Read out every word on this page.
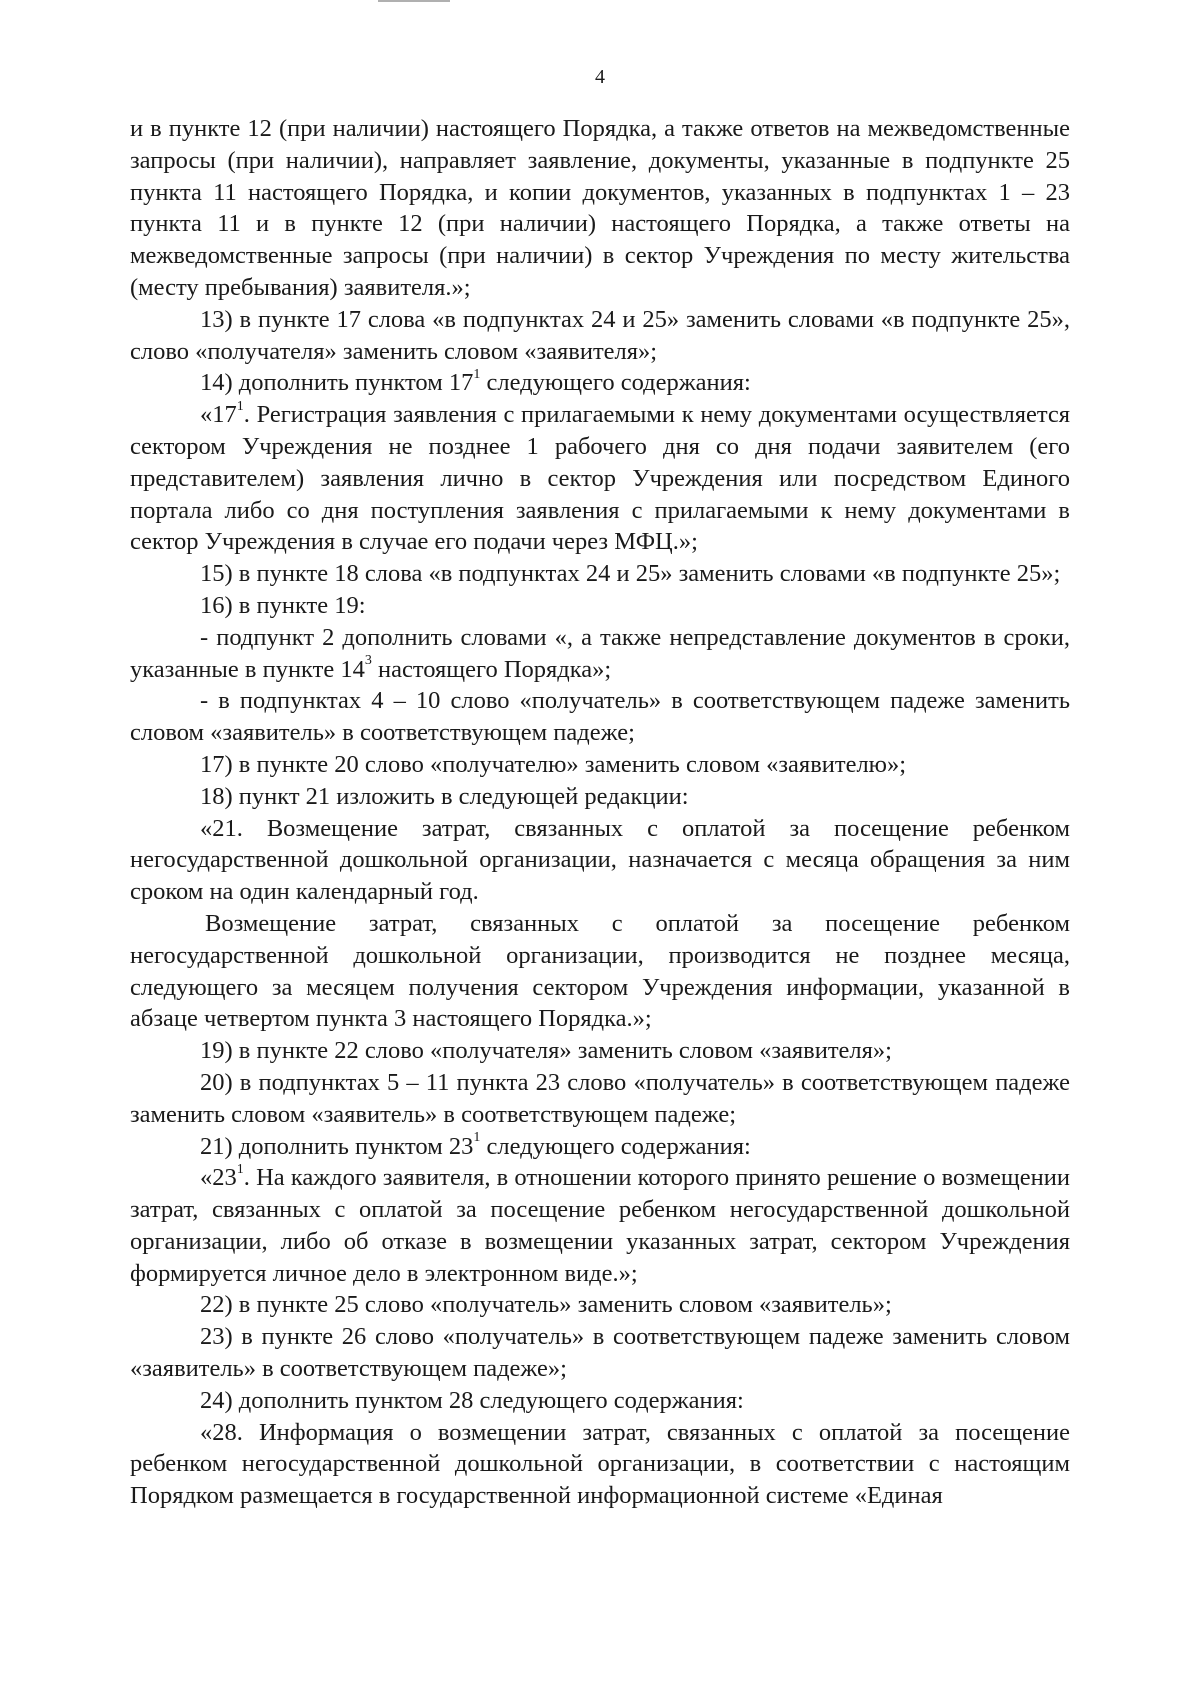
4

и в пункте 12 (при наличии) настоящего Порядка, а также ответов на межведомственные запросы (при наличии), направляет заявление, документы, указанные в подпункте 25 пункта 11 настоящего Порядка, и копии документов, указанных в подпунктах 1 – 23 пункта 11 и в пункте 12 (при наличии) настоящего Порядка, а также ответы на межведомственные запросы (при наличии) в сектор Учреждения по месту жительства (месту пребывания) заявителя.»;

13) в пункте 17 слова «в подпунктах 24 и 25» заменить словами «в подпункте 25», слово «получателя» заменить словом «заявителя»;

14) дополнить пунктом $17^1$ следующего содержания:

«$17^1$. Регистрация заявления с прилагаемыми к нему документами осуществляется сектором Учреждения не позднее 1 рабочего дня со дня подачи заявителем (его представителем) заявления лично в сектор Учреждения или посредством Единого портала либо со дня поступления заявления с прилагаемыми к нему документами в сектор Учреждения в случае его подачи через МФЦ.»;

15) в пункте 18 слова «в подпунктах 24 и 25» заменить словами «в подпункте 25»;

16) в пункте 19:

- подпункт 2 дополнить словами «, а также непредставление документов в сроки, указанные в пункте $14^3$ настоящего Порядка»;

- в подпунктах 4 – 10 слово «получатель» в соответствующем падеже заменить словом «заявитель» в соответствующем падеже;

17) в пункте 20 слово «получателю» заменить словом «заявителю»;

18) пункт 21 изложить в следующей редакции:

«21. Возмещение затрат, связанных с оплатой за посещение ребенком негосударственной дошкольной организации, назначается с месяца обращения за ним сроком на один календарный год.

Возмещение затрат, связанных с оплатой за посещение ребенком негосударственной дошкольной организации, производится не позднее месяца, следующего за месяцем получения сектором Учреждения информации, указанной в абзаце четвертом пункта 3 настоящего Порядка.»;

19) в пункте 22 слово «получателя» заменить словом «заявителя»;

20) в подпунктах 5 – 11 пункта 23 слово «получатель» в соответствующем падеже заменить словом «заявитель» в соответствующем падеже;

21) дополнить пунктом $23^1$ следующего содержания:

«$23^1$. На каждого заявителя, в отношении которого принято решение о возмещении затрат, связанных с оплатой за посещение ребенком негосударственной дошкольной организации, либо об отказе в возмещении указанных затрат, сектором Учреждения формируется личное дело в электронном виде.»;

22) в пункте 25 слово «получатель» заменить словом «заявитель»;

23) в пункте 26 слово «получатель» в соответствующем падеже заменить словом «заявитель» в соответствующем падеже»;

24) дополнить пунктом 28 следующего содержания:

«28. Информация о возмещении затрат, связанных с оплатой за посещение ребенком негосударственной дошкольной организации, в соответствии с настоящим Порядком размещается в государственной информационной системе «Единая
